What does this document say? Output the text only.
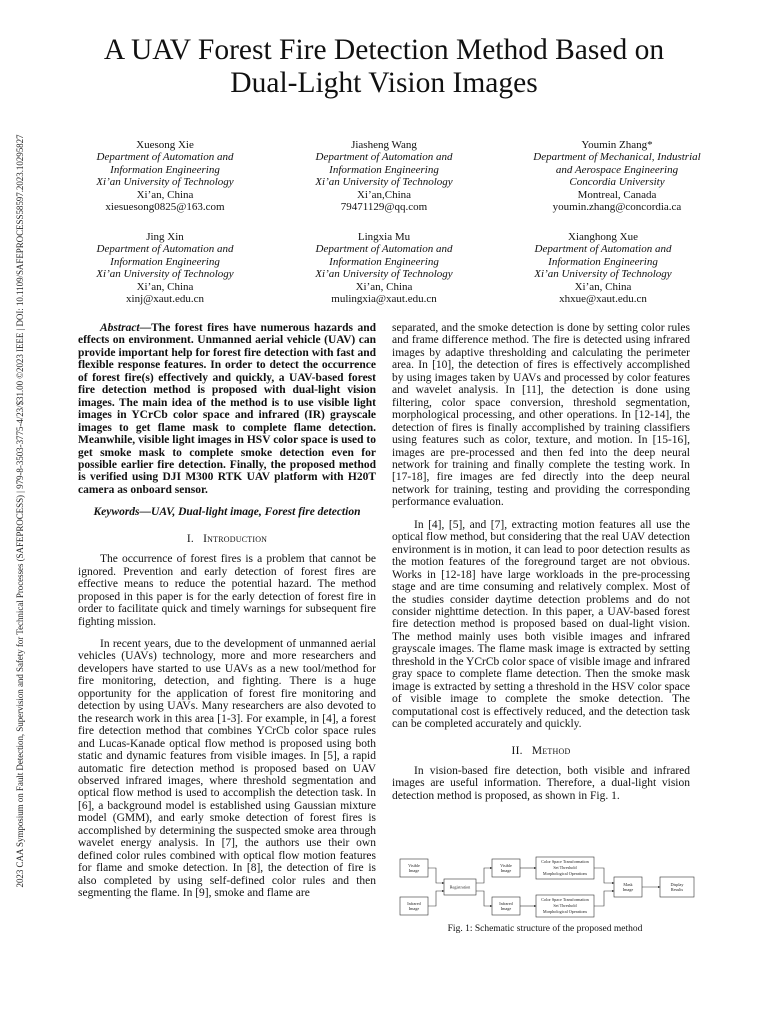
2023 CAA Symposium on Fault Detection, Supervision and Safety for Technical Processes (SAFEPROCESS) | 979-8-3503-3775-4/23/$31.00 ©2023 IEEE | DOI: 10.1109/SAFEPROCESS58597.2023.10295827
A UAV Forest Fire Detection Method Based on
Dual-Light Vision Images
Xuesong Xie
Department of Automation and
Information Engineering
Xi’an University of Technology
Xi’an, China
xiesuesong0825@163.com
Jiasheng Wang
Department of Automation and
Information Engineering
Xi’an University of Technology
Xi’an,China
79471129@qq.com
Youmin Zhang*
Department of Mechanical, Industrial
and Aerospace Engineering
Concordia University
Montreal, Canada
youmin.zhang@concordia.ca
Jing Xin
Department of Automation and
Information Engineering
Xi’an University of Technology
Xi’an, China
xinj@xaut.edu.cn
Lingxia Mu
Department of Automation and
Information Engineering
Xi’an University of Technology
Xi’an, China
mulingxia@xaut.edu.cn
Xianghong Xue
Department of Automation and
Information Engineering
Xi’an University of Technology
Xi’an, China
xhxue@xaut.edu.cn

Abstract—The forest fires have numerous hazards and effects on environment. Unmanned aerial vehicle (UAV) can provide important help for forest fire detection with fast and flexible response features. In order to detect the occurrence of forest fire(s) effectively and quickly, a UAV-based forest fire detection method is proposed with dual-light vision images. The main idea of the method is to use visible light images in YCrCb color space and infrared (IR) grayscale images to get flame mask to complete flame detection. Meanwhile, visible light images in HSV color space is used to get smoke mask to complete smoke detection even for possible earlier fire detection. Finally, the proposed method is verified using DJI M300 RTK UAV platform with H20T camera as onboard sensor.

Keywords—UAV, Dual-light image, Forest fire detection

I. Introduction

The occurrence of forest fires is a problem that cannot be ignored. Prevention and early detection of forest fires are effective means to reduce the potential hazard. The method proposed in this paper is for the early detection of forest fire in order to facilitate quick and timely warnings for subsequent fire fighting mission.

In recent years, due to the development of unmanned aerial vehicles (UAVs) technology, more and more researchers and developers have started to use UAVs as a new tool/method for fire monitoring, detection, and fighting. There is a huge opportunity for the application of forest fire monitoring and detection by using UAVs. Many researchers are also devoted to the research work in this area [1-3]. For example, in [4], a forest fire detection method that combines YCrCb color space rules and Lucas-Kanade optical flow method is proposed using both static and dynamic features from visible images. In [5], a rapid automatic fire detection method is proposed based on UAV observed infrared images, where threshold segmentation and optical flow method is used to accomplish the detection task. In [6], a background model is established using Gaussian mixture model (GMM), and early smoke detection of forest fires is accomplished by determining the suspected smoke area through wavelet energy analysis. In [7], the authors use their own defined color rules combined with optical flow motion features for flame and smoke detection. In [8], the detection of fire is also completed by using self-defined color rules and then segmenting the flame. In [9], smoke and flame are

separated, and the smoke detection is done by setting color rules and frame difference method. The fire is detected using infrared images by adaptive thresholding and calculating the perimeter area. In [10], the detection of fires is effectively accomplished by using images taken by UAVs and processed by color features and wavelet analysis. In [11], the detection is done using filtering, color space conversion, threshold segmentation, morphological processing, and other operations. In [12-14], the detection of fires is finally accomplished by training classifiers using features such as color, texture, and motion. In [15-16], images are pre-processed and then fed into the deep neural network for training and finally complete the testing work. In [17-18], fire images are fed directly into the deep neural network for training, testing and providing the corresponding performance evaluation.

In [4], [5], and [7], extracting motion features all use the optical flow method, but considering that the real UAV detection environment is in motion, it can lead to poor detection results as the motion features of the foreground target are not obvious. Works in [12-18] have large workloads in the pre-processing stage and are time consuming and relatively complex. Most of the studies consider daytime detection problems and do not consider nighttime detection. In this paper, a UAV-based forest fire detection method is proposed based on dual-light vision. The method mainly uses both visible images and infrared grayscale images. The flame mask image is extracted by setting threshold in the YCrCb color space of visible image and infrared gray space to complete flame detection. Then the smoke mask image is extracted by setting a threshold in the HSV color space of visible image to complete the smoke detection. The computational cost is effectively reduced, and the detection task can be completed accurately and quickly.

II. Method

In vision-based fire detection, both visible and infrared images are useful information. Therefore, a dual-light vision detection method is proposed, as shown in Fig. 1.

Visible
Image
Infrared
Image
Registration
Visible
Image
Infrared
Image
Color Space Transformation
Set Threshold
Morphological Operations
Color Space Transformation
Set Threshold
Morphological Operations
Mask
Image
Display
Results
Fig. 1: Schematic structure of the proposed method
